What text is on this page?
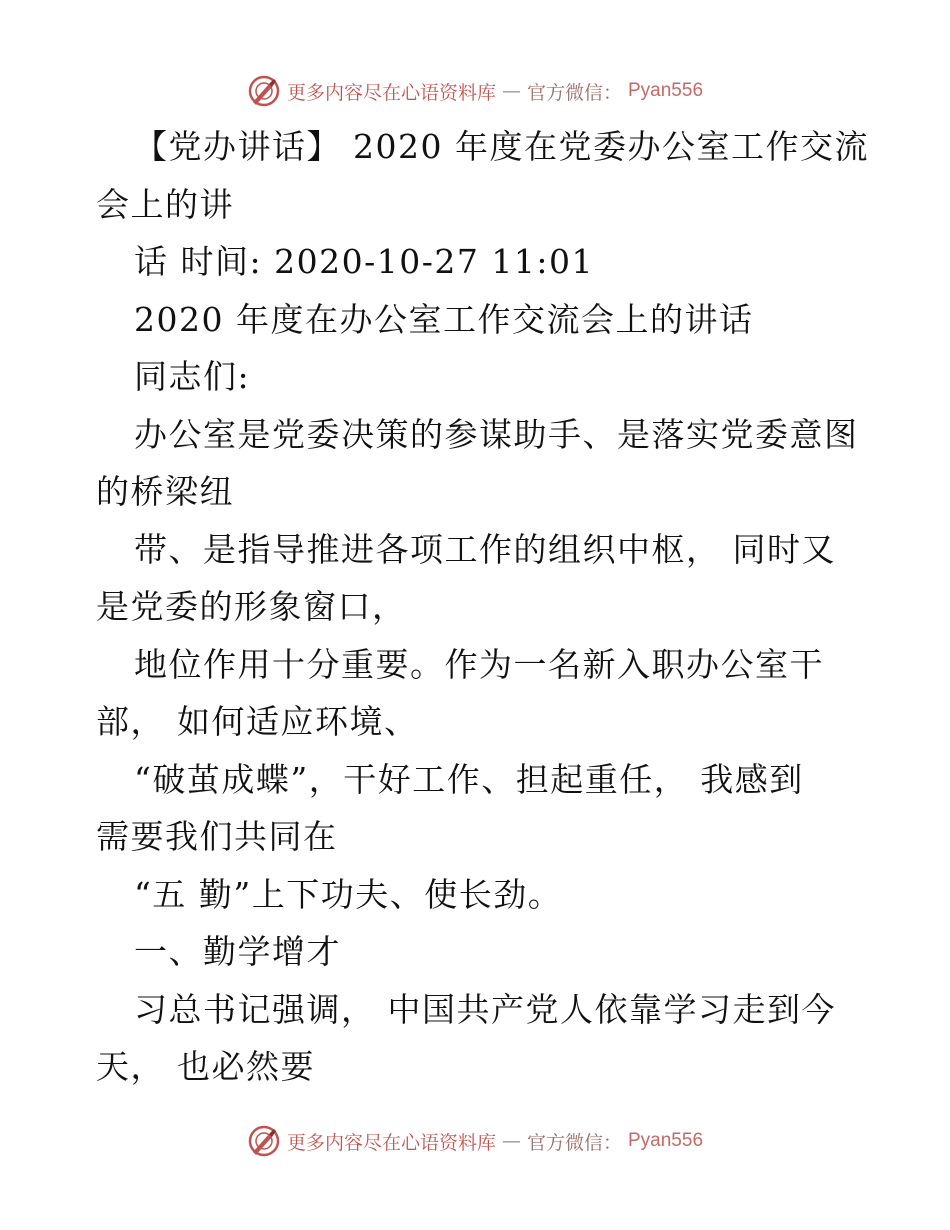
更多内容尽在心语资料库 — 官方微信： Pyan556
【党办讲话】 2020 年度在党委办公室工作交流
会上的讲
话 时间: 2020-10-27 11:01
2020 年度在办公室工作交流会上的讲话
同志们:
办公室是党委决策的参谋助手、是落实党委意图
的桥梁纽
带、是指导推进各项工作的组织中枢， 同时又
是党委的形象窗口，
地位作用十分重要。作为一名新入职办公室干
部， 如何适应环境、
“破茧成蝶”，干好工作、担起重任， 我感到
需要我们共同在
“五 勤”上下功夫、使长劲。
一、勤学增才
习总书记强调， 中国共产党人依靠学习走到今
天， 也必然要
更多内容尽在心语资料库 — 官方微信： Pyan556
